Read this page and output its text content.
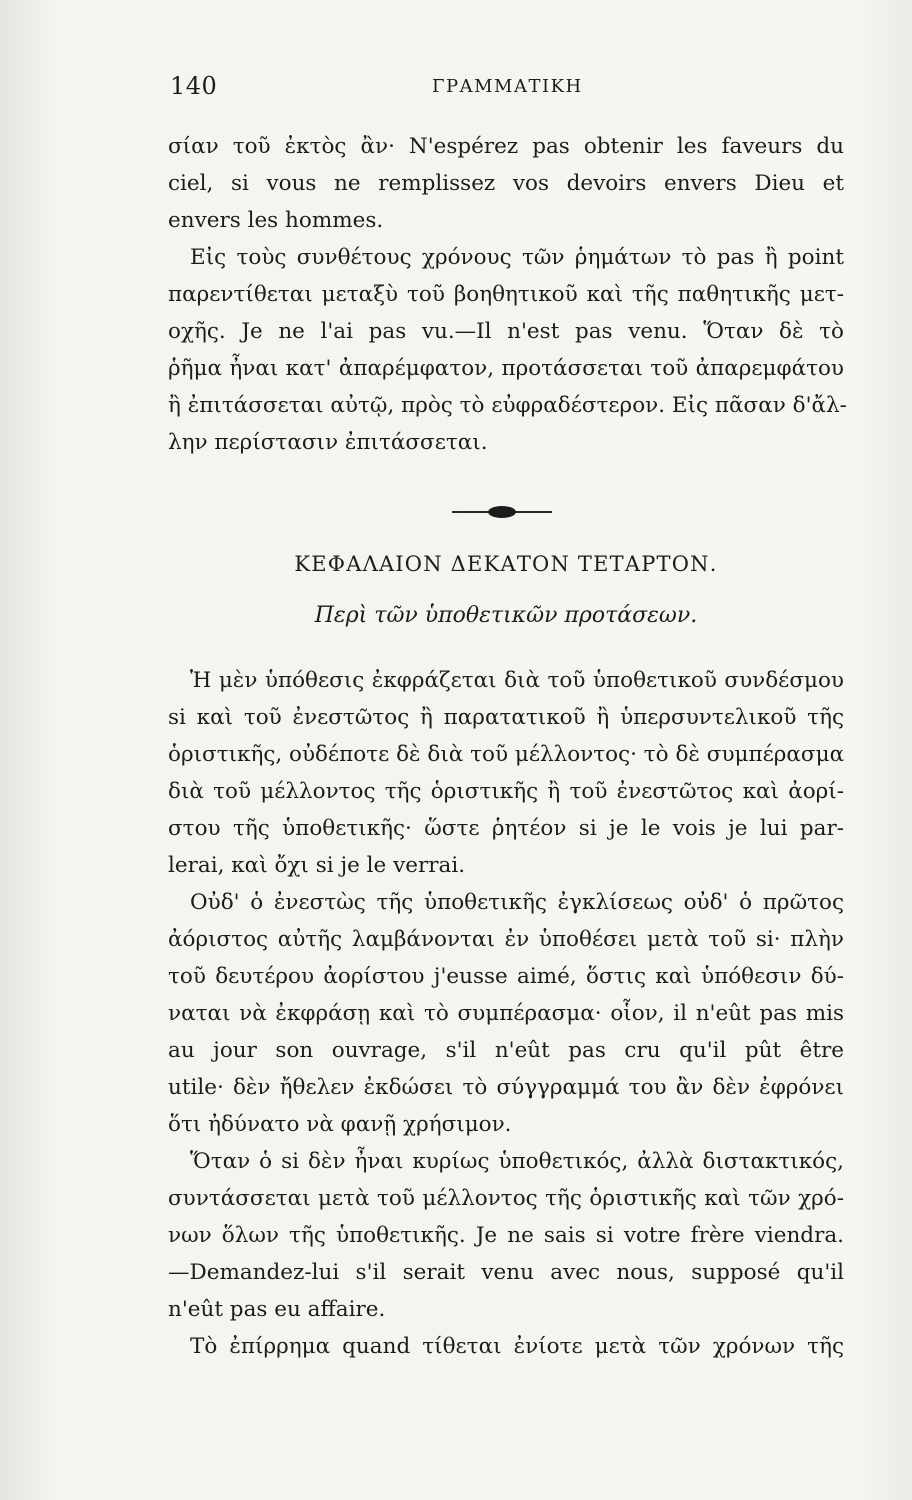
140	ΓΡΑΜΜΑΤΙΚΗ
σίαν τοῦ ἐκτὸς ἂν· N'espérez pas obtenir les faveurs du
ciel, si vous ne remplissez vos devoirs envers Dieu et
envers les hommes.
Εἰς τοὺς συνθέτους χρόνους τῶν ῥημάτων τὸ pas ἢ point
παρεντίθεται μεταξὺ τοῦ βοηθητικοῦ καὶ τῆς παθητικῆς μετ-
οχῆς. Je ne l'ai pas vu.—Il n'est pas venu. Ὅταν δὲ τὸ
ῥῆμα ἦναι κατ' ἀπαρέμφατον, προτάσσεται τοῦ ἀπαρεμφάτου
ἢ ἐπιτάσσεται αὐτῷ, πρὸς τὸ εὐφραδέστερον. Εἰς πᾶσαν δ'ἄλ-
λην περίστασιν ἐπιτάσσεται.
ΚΕΦΑΛΑΙΟΝ ΔΕΚΑΤΟΝ ΤΕΤΑΡΤΟΝ.
Περὶ τῶν ὑποθετικῶν προτάσεων.
Ἡ μὲν ὑπόθεσις ἐκφράζεται διὰ τοῦ ὑποθετικοῦ συνδέσμου
si καὶ τοῦ ἐνεστῶτος ἢ παρατατικοῦ ἢ ὑπερσυντελικοῦ τῆς
ὁριστικῆς, οὐδέποτε δὲ διὰ τοῦ μέλλοντος· τὸ δὲ συμπέρασμα
διὰ τοῦ μέλλοντος τῆς ὁριστικῆς ἢ τοῦ ἐνεστῶτος καὶ ἀορί-
στου τῆς ὑποθετικῆς· ὥστε ῥητέον si je le vois je lui par-
lerai, καὶ ὄχι si je le verrai.
Οὐδ' ὁ ἐνεστὼς τῆς ὑποθετικῆς ἐγκλίσεως οὐδ' ὁ πρῶτος
ἀόριστος αὐτῆς λαμβάνονται ἐν ὑποθέσει μετὰ τοῦ si· πλὴν
τοῦ δευτέρου ἀορίστου j'eusse aimé, ὅστις καὶ ὑπόθεσιν δύ-
ναται νὰ ἐκφράσῃ καὶ τὸ συμπέρασμα· οἷον, il n'eût pas mis
au jour son ouvrage, s'il n'eût pas cru qu'il pût être
utile· δὲν ἤθελεν ἐκδώσει τὸ σύγγραμμά του ἂν δὲν ἐφρόνει
ὅτι ἠδύνατο νὰ φανῇ χρήσιμον.
Ὅταν ὁ si δὲν ἦναι κυρίως ὑποθετικός, ἀλλὰ διστακτικός,
συντάσσεται μετὰ τοῦ μέλλοντος τῆς ὁριστικῆς καὶ τῶν χρό-
νων ὅλων τῆς ὑποθετικῆς. Je ne sais si votre frère viendra.
—Demandez-lui s'il serait venu avec nous, supposé qu'il
n'eût pas eu affaire.
Τὸ ἐπίρρημα quand τίθεται ἐνίοτε μετὰ τῶν χρόνων τῆς
